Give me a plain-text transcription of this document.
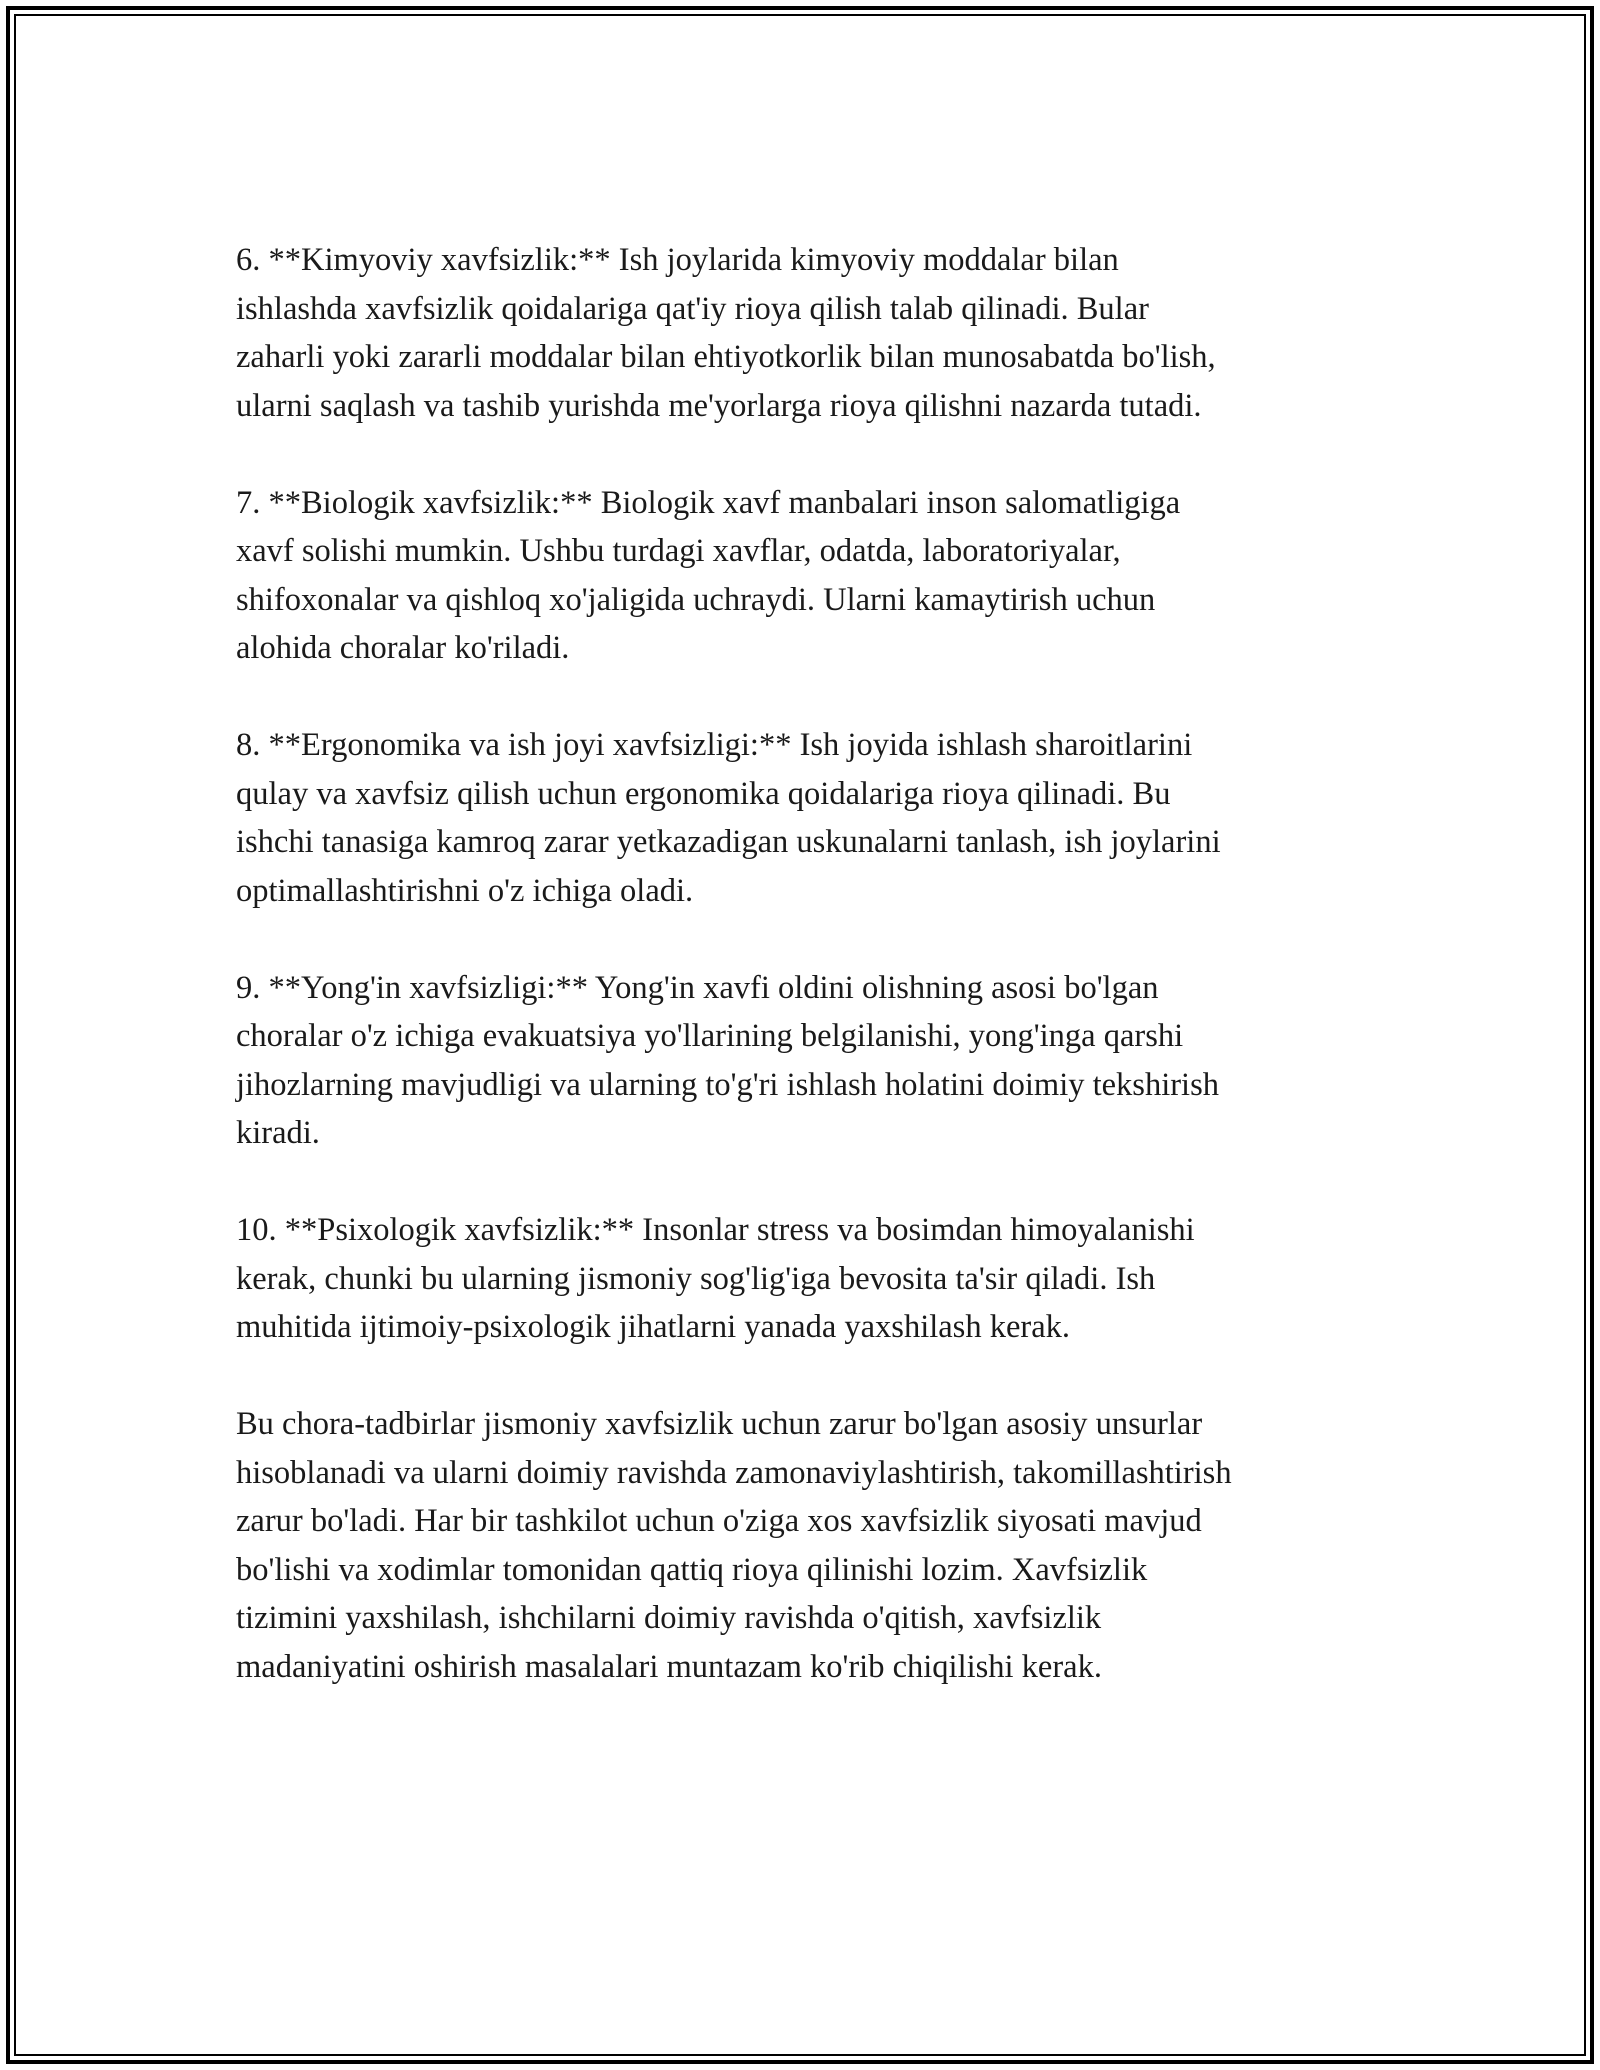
6. **Kimyoviy xavfsizlik:** Ish joylarida kimyoviy moddalar bilan
ishlashda xavfsizlik qoidalariga qat'iy rioya qilish talab qilinadi. Bular
zaharli yoki zararli moddalar bilan ehtiyotkorlik bilan munosabatda bo'lish,
ularni saqlash va tashib yurishda me'yorlarga rioya qilishni nazarda tutadi.

7. **Biologik xavfsizlik:** Biologik xavf manbalari inson salomatligiga
xavf solishi mumkin. Ushbu turdagi xavflar, odatda, laboratoriyalar,
shifoxonalar va qishloq xo'jaligida uchraydi. Ularni kamaytirish uchun
alohida choralar ko'riladi.

8. **Ergonomika va ish joyi xavfsizligi:** Ish joyida ishlash sharoitlarini
qulay va xavfsiz qilish uchun ergonomika qoidalariga rioya qilinadi. Bu
ishchi tanasiga kamroq zarar yetkazadigan uskunalarni tanlash, ish joylarini
optimallashtirishni o'z ichiga oladi.

9. **Yong'in xavfsizligi:** Yong'in xavfi oldini olishning asosi bo'lgan
choralar o'z ichiga evakuatsiya yo'llarining belgilanishi, yong'inga qarshi
jihozlarning mavjudligi va ularning to'g'ri ishlash holatini doimiy tekshirish
kiradi.

10. **Psixologik xavfsizlik:** Insonlar stress va bosimdan himoyalanishi
kerak, chunki bu ularning jismoniy sog'lig'iga bevosita ta'sir qiladi. Ish
muhitida ijtimoiy-psixologik jihatlarni yanada yaxshilash kerak.

Bu chora-tadbirlar jismoniy xavfsizlik uchun zarur bo'lgan asosiy unsurlar
hisoblanadi va ularni doimiy ravishda zamonaviylashtirish, takomillashtirish
zarur bo'ladi. Har bir tashkilot uchun o'ziga xos xavfsizlik siyosati mavjud
bo'lishi va xodimlar tomonidan qattiq rioya qilinishi lozim. Xavfsizlik
tizimini yaxshilash, ishchilarni doimiy ravishda o'qitish, xavfsizlik
madaniyatini oshirish masalalari muntazam ko'rib chiqilishi kerak.
